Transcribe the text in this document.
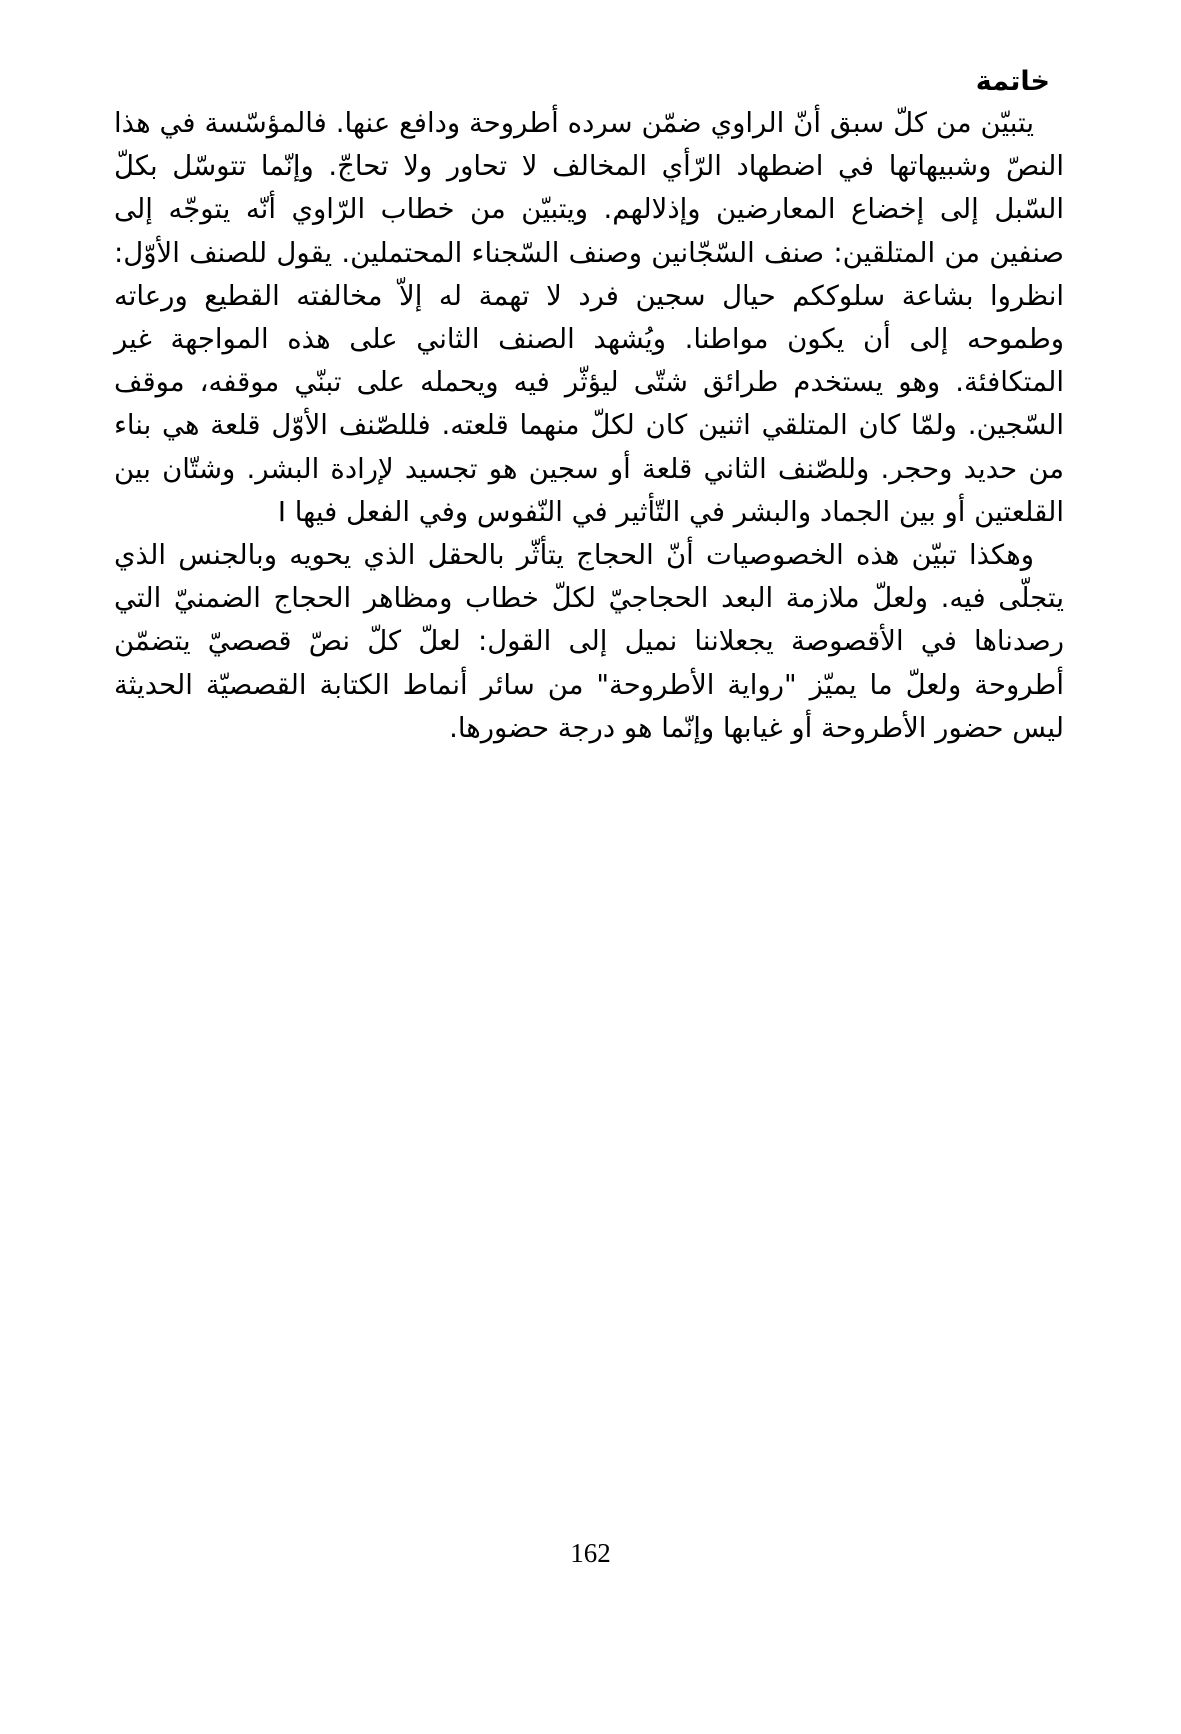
خاتمة

يتبيّن من كلّ سبق أنّ الراوي ضمّن سرده أطروحة ودافع عنها. فالمؤسّسة في هذا النصّ وشبيهاتها في اضطهاد الرّأي المخالف لا تحاور ولا تحاجّ. وإنّما تتوسّل بكلّ السّبل إلى إخضاع المعارضين وإذلالهم. ويتبيّن من خطاب الرّاوي أنّه يتوجّه إلى صنفين من المتلقين: صنف السّجّانين وصنف السّجناء المحتملين. يقول للصنف الأوّل: انظروا بشاعة سلوككم حيال سجين فرد لا تهمة له إلاّ مخالفته القطيع ورعاته وطموحه إلى أن يكون مواطنا. ويُشهد الصنف الثاني على هذه المواجهة غير المتكافئة. وهو يستخدم طرائق شتّى ليؤثّر فيه ويحمله على تبنّي موقفه، موقف السّجين. ولمّا كان المتلقي اثنين كان لكلّ منهما قلعته. فللصّنف الأوّل قلعة هي بناء من حديد وحجر. وللصّنف الثاني قلعة أو سجين هو تجسيد لإرادة البشر. وشتّان بين القلعتين أو بين الجماد والبشر في التّأثير في النّفوس وفي الفعل فيها I

وهكذا تبيّن هذه الخصوصيات أنّ الحجاج يتأثّر بالحقل الذي يحويه وبالجنس الذي يتجلّى فيه. ولعلّ ملازمة البعد الحجاجيّ لكلّ خطاب ومظاهر الحجاج الضمنيّ التي رصدناها في الأقصوصة يجعلاننا نميل إلى القول: لعلّ كلّ نصّ قصصيّ يتضمّن أطروحة ولعلّ ما يميّز "رواية الأطروحة" من سائر أنماط الكتابة القصصيّة الحديثة ليس حضور الأطروحة أو غيابها وإنّما هو درجة حضورها.

162
